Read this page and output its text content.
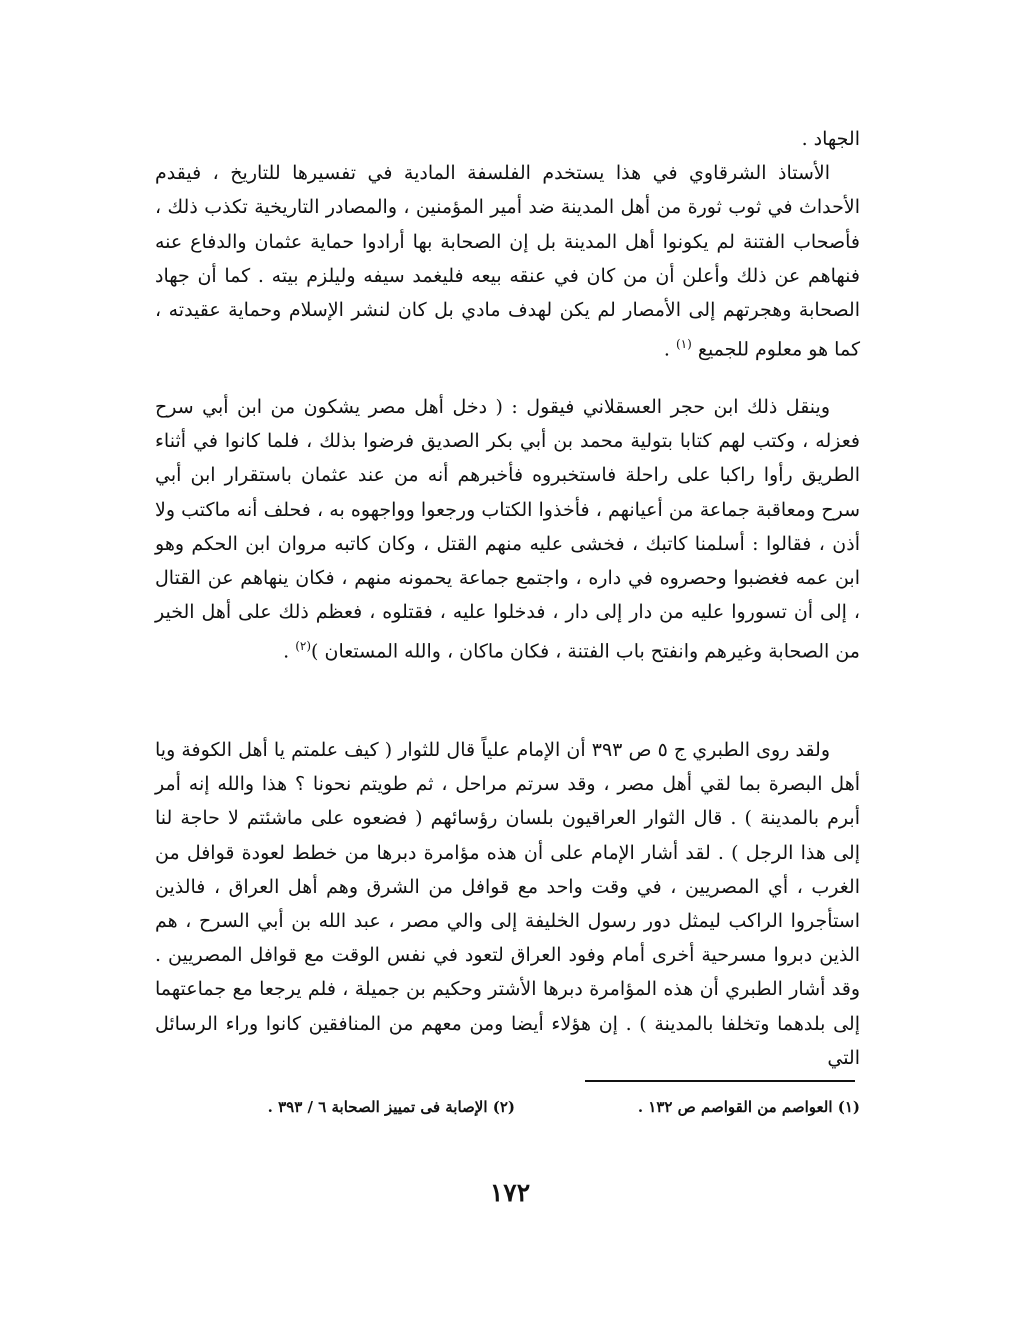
الجهاد .

الأستاذ الشرقاوي في هذا يستخدم الفلسفة المادية في تفسيرها للتاريخ ، فيقدم الأحداث في ثوب ثورة من أهل المدينة ضد أمير المؤمنين ، والمصادر التاريخية تكذب ذلك ، فأصحاب الفتنة لم يكونوا أهل المدينة بل إن الصحابة بها أرادوا حماية عثمان والدفاع عنه فنهاهم عن ذلك وأعلن أن من كان في عنقه بيعه فليغمد سيفه وليلزم بيته . كما أن جهاد الصحابة وهجرتهم إلى الأمصار لم يكن لهدف مادي بل كان لنشر الإسلام وحماية عقيدته ، كما هو معلوم للجميع $^{(١)}$ .

وينقل ذلك ابن حجر العسقلاني فيقول : ( دخل أهل مصر يشكون من ابن أبي سرح فعزله ، وكتب لهم كتابا بتولية محمد بن أبي بكر الصديق فرضوا بذلك ، فلما كانوا في أثناء الطريق رأوا راكبا على راحلة فاستخبروه فأخبرهم أنه من عند عثمان باستقرار ابن أبي سرح ومعاقبة جماعة من أعيانهم ، فأخذوا الكتاب ورجعوا وواجهوه به ، فحلف أنه ماكتب ولا أذن ، فقالوا : أسلمنا كاتبك ، فخشى عليه منهم القتل ، وكان كاتبه مروان ابن الحكم وهو ابن عمه فغضبوا وحصروه في داره ، واجتمع جماعة يحمونه منهم ، فكان ينهاهم عن القتال ، إلى أن تسوروا عليه من دار إلى دار ، فدخلوا عليه ، فقتلوه ، فعظم ذلك على أهل الخير من الصحابة وغيرهم وانفتح باب الفتنة ، فكان ماكان ، والله المستعان )$^{(٢)}$ .

ولقد روى الطبري ج ٥ ص ٣٩٣ أن الإمام علياً قال للثوار ( كيف علمتم يا أهل الكوفة ويا أهل البصرة بما لقي أهل مصر ، وقد سرتم مراحل ، ثم طويتم نحونا ؟ هذا والله إنه أمر أبرم بالمدينة ) . قال الثوار العراقيون بلسان رؤسائهم ( فضعوه على ماشئتم لا حاجة لنا إلى هذا الرجل ) . لقد أشار الإمام على أن هذه مؤامرة دبرها من خطط لعودة قوافل من الغرب ، أي المصريين ، في وقت واحد مع قوافل من الشرق وهم أهل العراق ، فالذين استأجروا الراكب ليمثل دور رسول الخليفة إلى والي مصر ، عبد الله بن أبي السرح ، هم الذين دبروا مسرحية أخرى أمام وفود العراق لتعود في نفس الوقت مع قوافل المصريين . وقد أشار الطبري أن هذه المؤامرة دبرها الأشتر وحكيم بن جميلة ، فلم يرجعا مع جماعتهما إلى بلدهما وتخلفا بالمدينة ) . إن هؤلاء أيضا ومن معهم من المنافقين كانوا وراء الرسائل التي

(١) العواصم من القواصم ص ١٣٢ .
(٢) الإصابة فى تمييز الصحابة ٦ / ٣٩٣ .
١٧٢
